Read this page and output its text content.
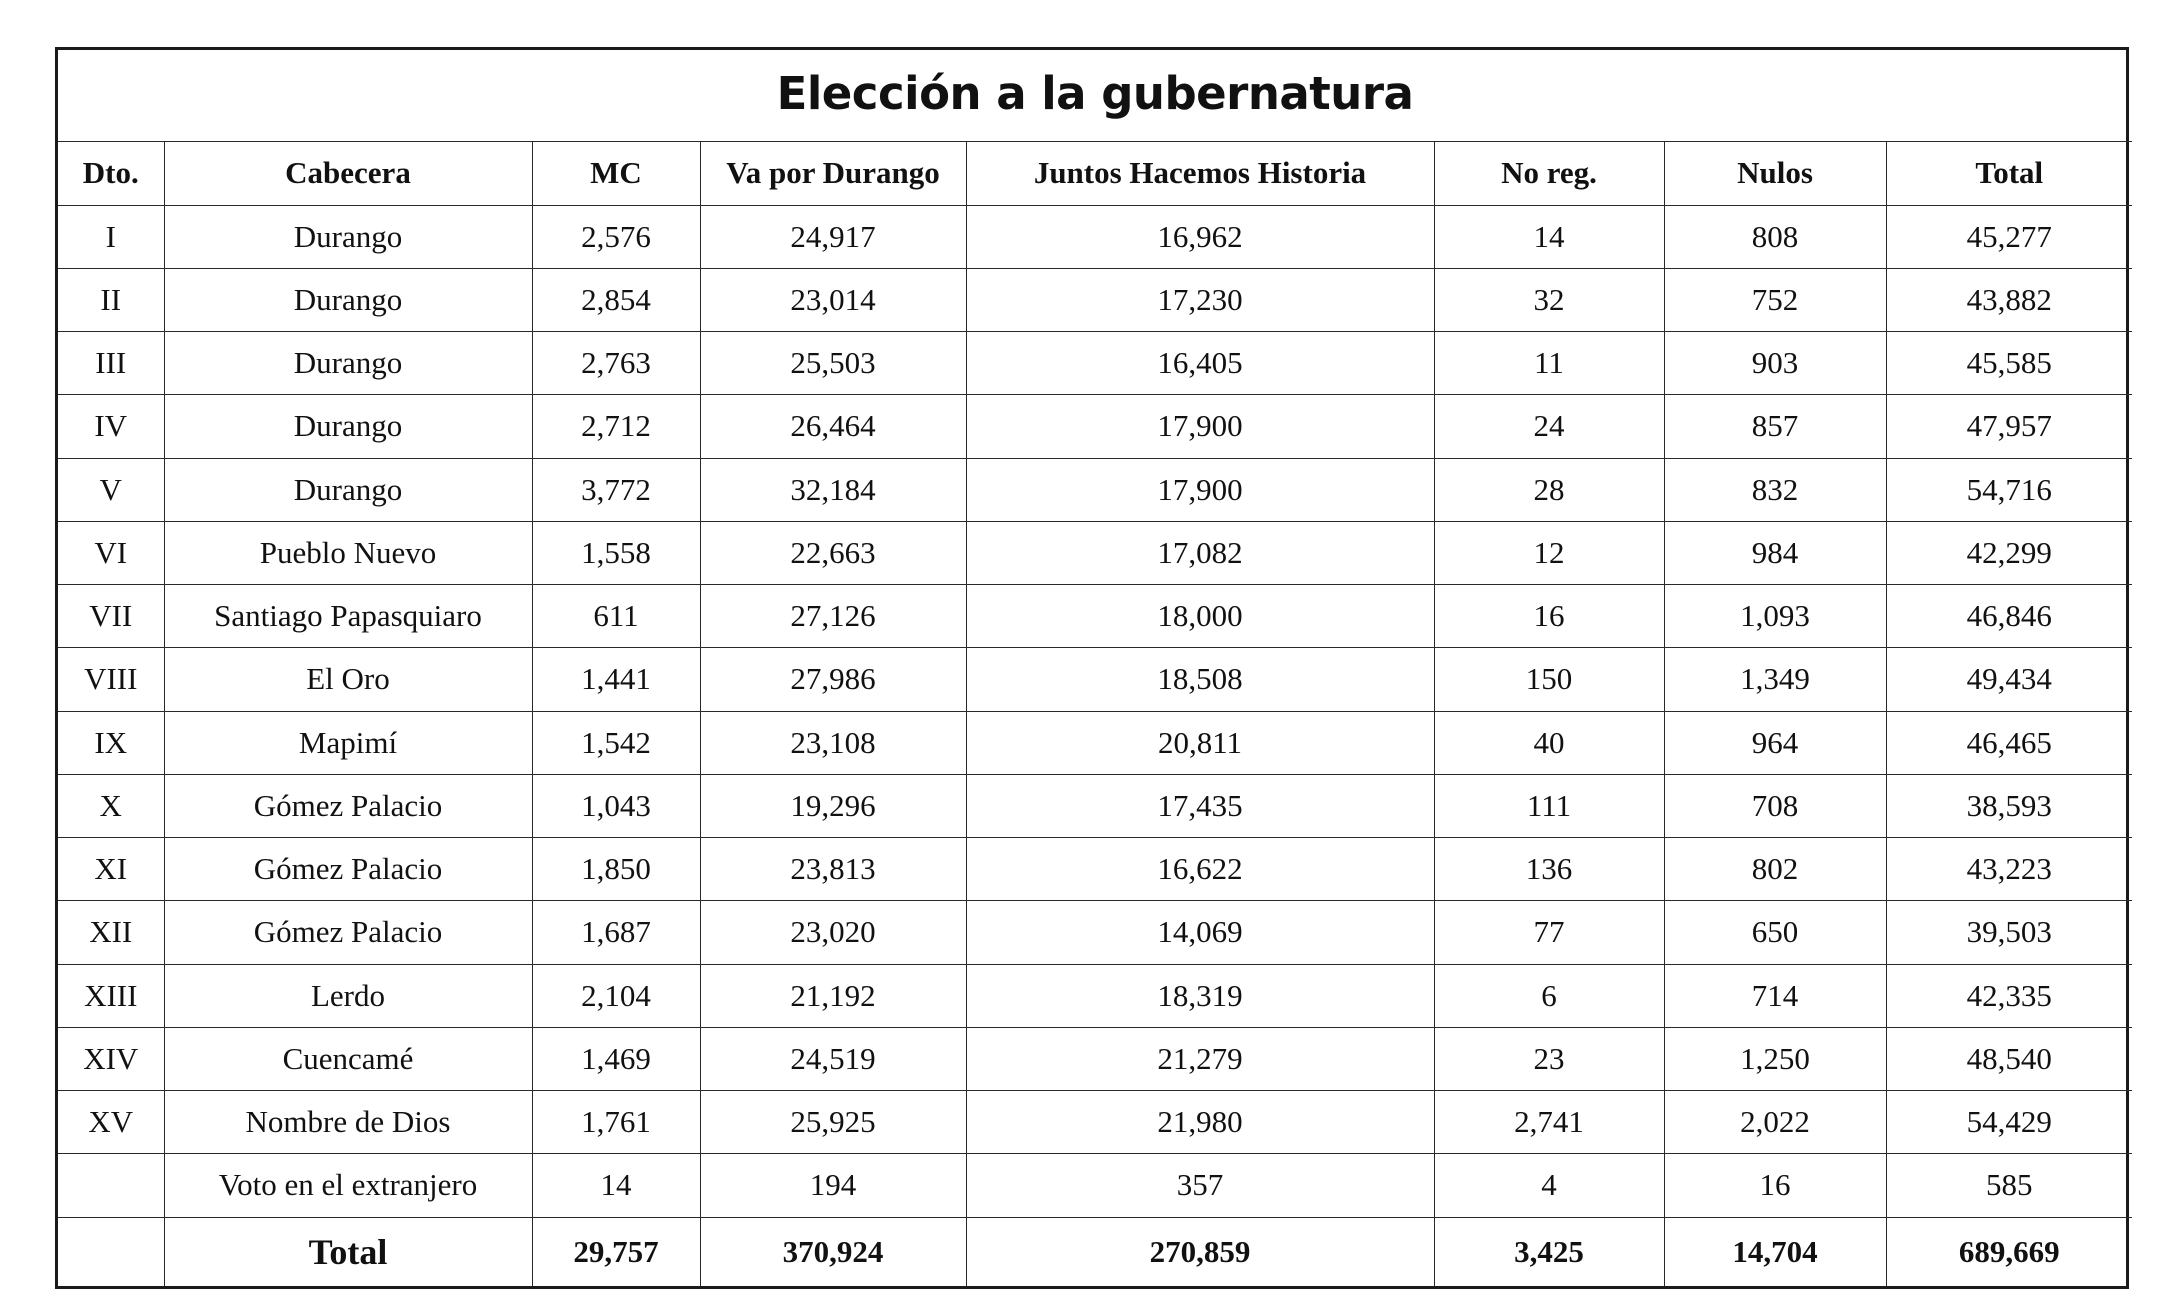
Elección a la gubernatura							
Dto.	Cabecera	MC	Va por Durango	Juntos Hacemos Historia	No reg.	Nulos	Total
I	Durango	2,576	24,917	16,962	14	808	45,277
II	Durango	2,854	23,014	17,230	32	752	43,882
III	Durango	2,763	25,503	16,405	11	903	45,585
IV	Durango	2,712	26,464	17,900	24	857	47,957
V	Durango	3,772	32,184	17,900	28	832	54,716
VI	Pueblo Nuevo	1,558	22,663	17,082	12	984	42,299
VII	Santiago Papasquiaro	611	27,126	18,000	16	1,093	46,846
VIII	El Oro	1,441	27,986	18,508	150	1,349	49,434
IX	Mapimí	1,542	23,108	20,811	40	964	46,465
X	Gómez Palacio	1,043	19,296	17,435	111	708	38,593
XI	Gómez Palacio	1,850	23,813	16,622	136	802	43,223
XII	Gómez Palacio	1,687	23,020	14,069	77	650	39,503
XIII	Lerdo	2,104	21,192	18,319	6	714	42,335
XIV	Cuencamé	1,469	24,519	21,279	23	1,250	48,540
XV	Nombre de Dios	1,761	25,925	21,980	2,741	2,022	54,429
	Voto en el extranjero	14	194	357	4	16	585
	Total	29,757	370,924	270,859	3,425	14,704	689,669
